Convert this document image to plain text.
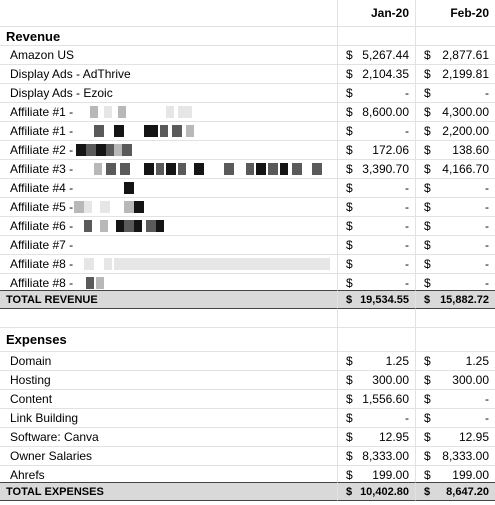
Jan-20	Feb-20
Revenue
Amazon US	$ 5,267.44 $ 2,877.61
Display Ads - AdThrive	$ 2,104.35 $ 2,199.81
Display Ads - Ezoic	$	- $	-
Affiliate #1 -	$ 8,600.00 $ 4,300.00
Affiliate #1 -	$	- $ 2,200.00
Affiliate #2 -	$ 172.06 $ 138.60
Affiliate #3 -	$ 3,390.70 $ 4,166.70
Affiliate #4 -	$	- $	-
Affiliate #5 -	$	- $	-
Affiliate #6 -	$	- $	-
Affiliate #7 -	$	- $	-
Affiliate #8 -	$	- $	-
Affiliate #8 -	$	- $	-
TOTAL REVENUE	$ 19,534.55 $ 15,882.72
Expenses
Domain	$	1.25 $	1.25
Hosting	$ 300.00 $ 300.00
Content	$ 1,556.60 $	-
Link Building	$	- $	-
Software: Canva	$ 12.95 $ 12.95
Owner Salaries	$ 8,333.00 $ 8,333.00
Ahrefs	$ 199.00 $ 199.00
TOTAL EXPENSES	$ 10,402.80 $ 8,647.20
